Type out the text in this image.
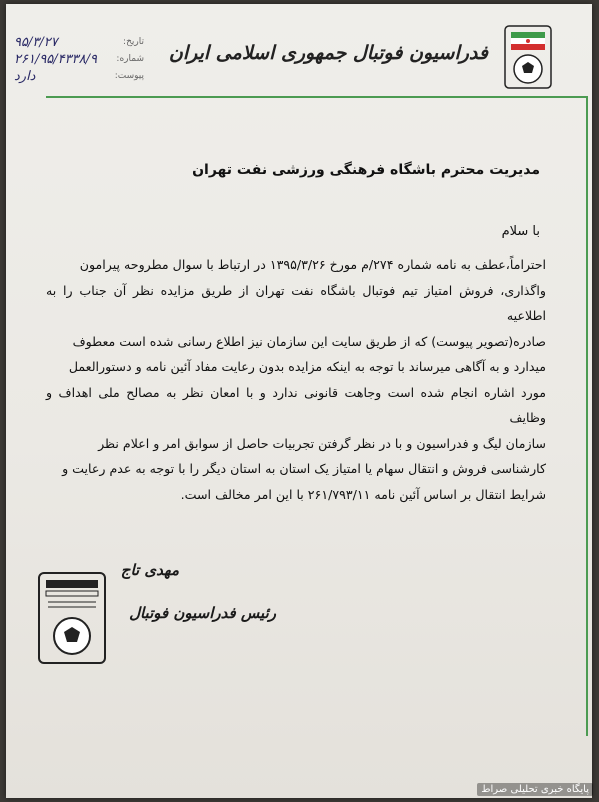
فدراسیون فوتبال جمهوری اسلامی ایران
تاریخ:
۹۵/۳/۲۷
شماره:
۲۶۱/۹۵/۴۳۳۸/۹
پیوست:
دارد
مدیریت محترم باشگاه فرهنگی ورزشی نفت تهران
با سلام
احتراماً،عطف به نامه شماره ۲۷۴/م مورخ ۱۳۹۵/۳/۲۶ در ارتباط با سوال مطروحه پیرامون
واگذاری، فروش امتیاز تیم فوتبال باشگاه نفت تهران از طریق مزایده نظر آن جناب را به اطلاعیه
صادره(تصویر پیوست) که از طریق سایت این سازمان نیز اطلاع رسانی شده است معطوف
میدارد و به آگاهی میرساند با توجه به اینکه مزایده بدون رعایت مفاد آئین نامه و دستورالعمل
مورد اشاره انجام شده است وجاهت قانونی ندارد و با امعان نظر به مصالح ملی اهداف و وظایف
سازمان لیگ و فدراسیون و با در نظر گرفتن تجربیات حاصل از سوابق امر و اعلام نظر
کارشناسی فروش و انتقال سهام یا امتیاز یک استان به استان دیگر را با توجه به عدم رعایت و
شرایط انتقال بر اساس آئین نامه ۲۶۱/۷۹۳/۱۱ با این امر مخالف است.
مهدی تاج
رئیس فدراسیون فوتبال
پایگاه خبری تحلیلی صراط
